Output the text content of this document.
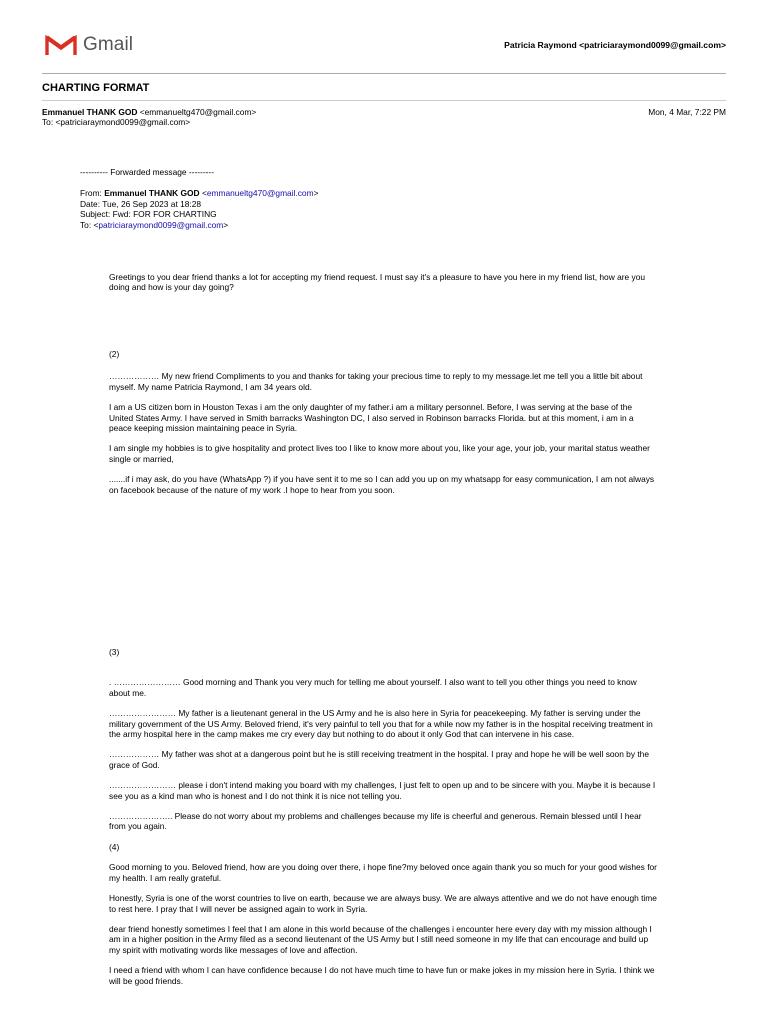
Gmail	Patricia Raymond <patriciaraymond0099@gmail.com>
CHARTING FORMAT
Emmanuel THANK GOD <emmanueltg470@gmail.com>	Mon, 4 Mar, 7:22 PM
To: <patriciaraymond0099@gmail.com>
---------- Forwarded message ---------
From: Emmanuel THANK GOD <emmanueltg470@gmail.com>
Date: Tue, 26 Sep 2023 at 18:28
Subject: Fwd: FOR FOR CHARTING
To: <patriciaraymond0099@gmail.com>

Greetings to you dear friend thanks a lot for accepting my friend request. I must say it's a pleasure to have you here in my friend list, how are you doing and how is your day going?

(2)

……………… My new friend Compliments to you and thanks for taking your precious time to reply to my message.let me tell you a little bit about myself. My name Patricia Raymond, I am 34 years old.

I am a US citizen born in Houston Texas i am the only daughter of my father.i am a military personnel. Before, I was serving at the base of the United States Army. I have served in Smith barracks Washington DC, I also served in Robinson barracks Florida. but at this moment, i am in a peace keeping mission maintaining peace in Syria.

I am single my hobbies is to give hospitality and protect lives too I like to know more about you, like your age, your job, your marital status weather single or married,

.......if i may ask, do you have (WhatsApp ?) if you have sent it to me so I can add you up on my whatsapp for easy communication, I am not always on facebook because of the nature of my work .I hope to hear from you soon.

(3)

. …………………… Good morning and Thank you very much for telling me about yourself. I also want to tell you other things you need to know about me.

…………………… My father is a lieutenant general in the US Army and he is also here in Syria for peacekeeping. My father is serving under the military government of the US Army. Beloved friend, it's very painful to tell you that for a while now my father is in the hospital receiving treatment in the army hospital here in the camp makes me cry every day but nothing to do about it only God that can intervene in his case.

……………… My father was shot at a dangerous point but he is still receiving treatment in the hospital. I pray and hope he will be well soon by the grace of God.

…………………… please i don't intend making you board with my challenges, I just felt to open up and to be sincere with you. Maybe it is because I see you as a kind man who is honest and I do not think it is nice not telling you.

………………….. Please do not worry about my problems and challenges because my life is cheerful and generous. Remain blessed until I hear from you again.

(4)

Good morning to you. Beloved friend, how are you doing over there, i hope fine?my beloved once again thank you so much for your good wishes for my health. I am really grateful.

Honestly, Syria is one of the worst countries to live on earth, because we are always busy. We are always attentive and we do not have enough time to rest here. I pray that I will never be assigned again to work in Syria.

dear friend honestly sometimes I feel that I am alone in this world because of the challenges i encounter here every day with my mission although I am in a higher position in the Army filed as a second lieutenant of the US Army but I still need someone in my life that can encourage and build up my spirit with motivating words like messages of love and affection.

I need a friend with whom I can have confidence because I do not have much time to have fun or make jokes in my mission here in Syria. I think we will be good friends.
